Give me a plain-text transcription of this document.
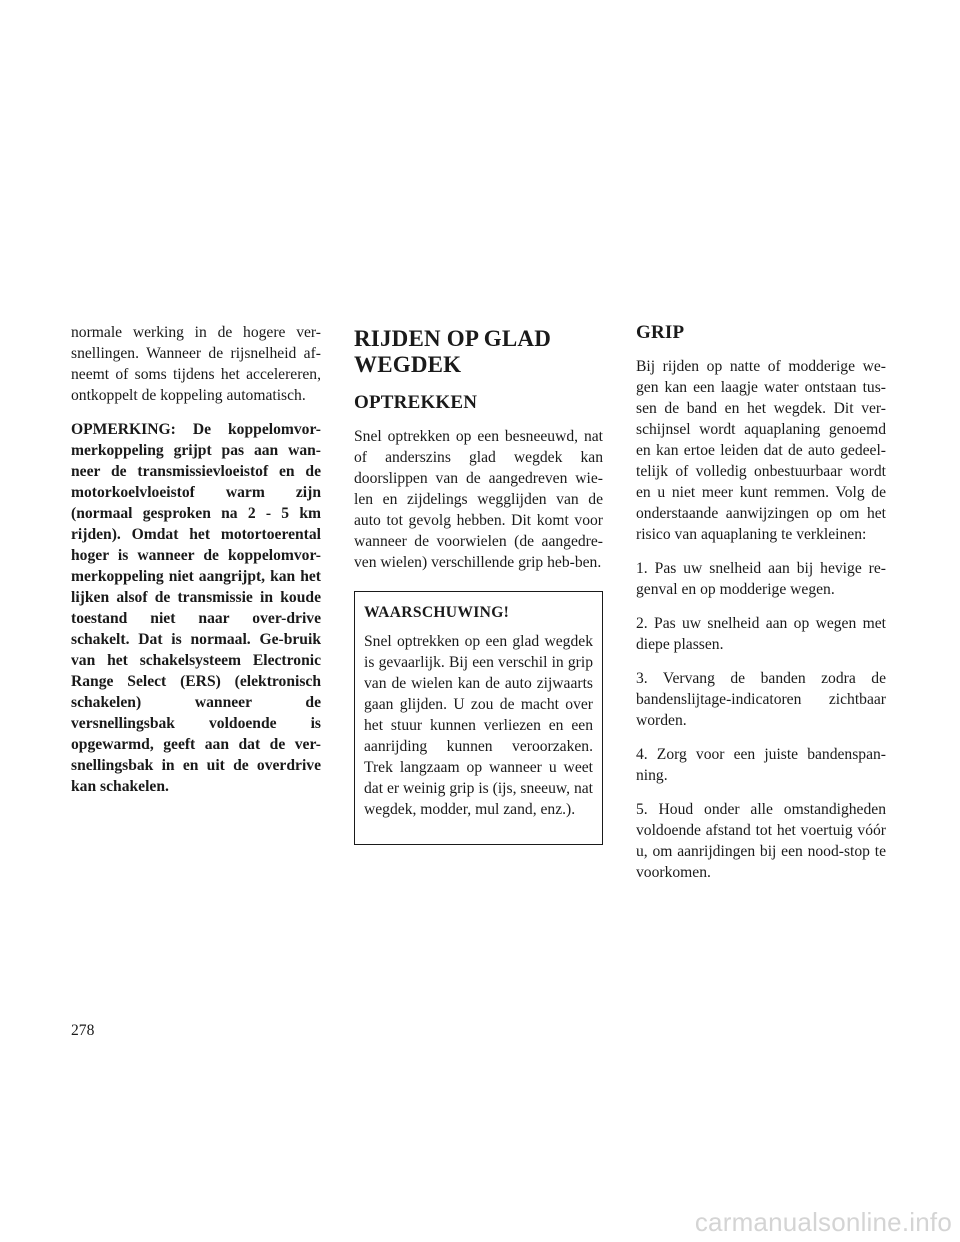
normale werking in de hogere ver-snellingen. Wanneer de rijsnelheid af-neemt of soms tijdens het accelereren, ontkoppelt de koppeling automatisch.

OPMERKING: De koppelomvor-merkoppeling grijpt pas aan wan-neer de transmissievloeistof en de motorkoelvloeistof warm zijn (normaal gesproken na 2 - 5 km rijden). Omdat het motortoerental hoger is wanneer de koppelomvor-merkoppeling niet aangrijpt, kan het lijken alsof de transmissie in koude toestand niet naar over-drive schakelt. Dat is normaal. Ge-bruik van het schakelsysteem Electronic Range Select (ERS) (elektronisch schakelen) wanneer de versnellingsbak voldoende is opgewarmd, geeft aan dat de ver-snellingsbak in en uit de overdrive kan schakelen.

RIJDEN OP GLAD
WEGDEK
OPTREKKEN

Snel optrekken op een besneeuwd, nat of anderszins glad wegdek kan doorslippen van de aangedreven wie-len en zijdelings wegglijden van de auto tot gevolg hebben. Dit komt voor wanneer de voorwielen (de aangedre-ven wielen) verschillende grip heb-ben.

WAARSCHUWING!

Snel optrekken op een glad wegdek is gevaarlijk. Bij een verschil in grip van de wielen kan de auto zijwaarts gaan glijden. U zou de macht over het stuur kunnen verliezen en een aanrijding kunnen veroorzaken. Trek langzaam op wanneer u weet dat er weinig grip is (ijs, sneeuw, nat wegdek, modder, mul zand, enz.).

GRIP

Bij rijden op natte of modderige we-gen kan een laagje water ontstaan tus-sen de band en het wegdek. Dit ver-schijnsel wordt aquaplaning genoemd en kan ertoe leiden dat de auto gedeel-telijk of volledig onbestuurbaar wordt en u niet meer kunt remmen. Volg de onderstaande aanwijzingen op om het risico van aquaplaning te verkleinen:

1. Pas uw snelheid aan bij hevige re-genval en op modderige wegen.

2. Pas uw snelheid aan op wegen met diepe plassen.

3. Vervang de banden zodra de bandenslijtage-indicatoren zichtbaar worden.

4. Zorg voor een juiste bandenspan-ning.

5. Houd onder alle omstandigheden voldoende afstand tot het voertuig vóór u, om aanrijdingen bij een nood-stop te voorkomen.

278
carmanualsonline.info
